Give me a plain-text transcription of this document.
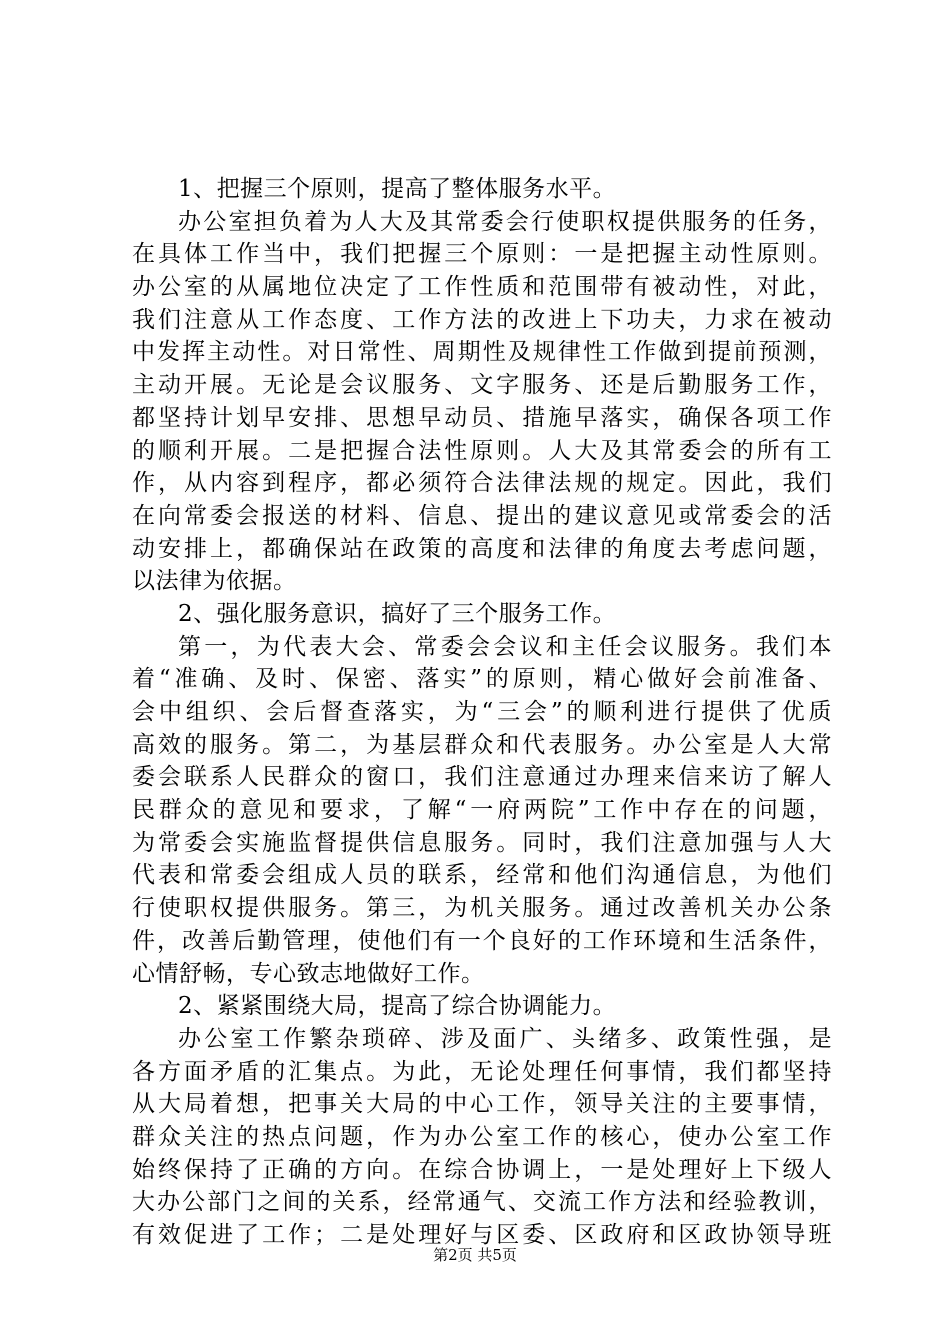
1、把握三个原则，提高了整体服务水平。
办公室担负着为人大及其常委会行使职权提供服务的任务，
在具体工作当中，我们把握三个原则：一是把握主动性原则。
办公室的从属地位决定了工作性质和范围带有被动性，对此，
我们注意从工作态度、工作方法的改进上下功夫，力求在被动
中发挥主动性。对日常性、周期性及规律性工作做到提前预测，
主动开展。无论是会议服务、文字服务、还是后勤服务工作，
都坚持计划早安排、思想早动员、措施早落实，确保各项工作
的顺利开展。二是把握合法性原则。人大及其常委会的所有工
作，从内容到程序，都必须符合法律法规的规定。因此，我们
在向常委会报送的材料、信息、提出的建议意见或常委会的活
动安排上，都确保站在政策的高度和法律的角度去考虑问题，
以法律为依据。
2、强化服务意识，搞好了三个服务工作。
第一，为代表大会、常委会会议和主任会议服务。我们本
着“准确、及时、保密、落实”的原则，精心做好会前准备、
会中组织、会后督查落实，为“三会”的顺利进行提供了优质
高效的服务。第二，为基层群众和代表服务。办公室是人大常
委会联系人民群众的窗口，我们注意通过办理来信来访了解人
民群众的意见和要求，了解“一府两院”工作中存在的问题，
为常委会实施监督提供信息服务。同时，我们注意加强与人大
代表和常委会组成人员的联系，经常和他们沟通信息，为他们
行使职权提供服务。第三，为机关服务。通过改善机关办公条
件，改善后勤管理，使他们有一个良好的工作环境和生活条件，
心情舒畅，专心致志地做好工作。
2、紧紧围绕大局，提高了综合协调能力。
办公室工作繁杂琐碎、涉及面广、头绪多、政策性强，是
各方面矛盾的汇集点。为此，无论处理任何事情，我们都坚持
从大局着想，把事关大局的中心工作，领导关注的主要事情，
群众关注的热点问题，作为办公室工作的核心，使办公室工作
始终保持了正确的方向。在综合协调上，一是处理好上下级人
大办公部门之间的关系，经常通气、交流工作方法和经验教训，
有效促进了工作；二是处理好与区委、区政府和区政协领导班
第2页 共5页
